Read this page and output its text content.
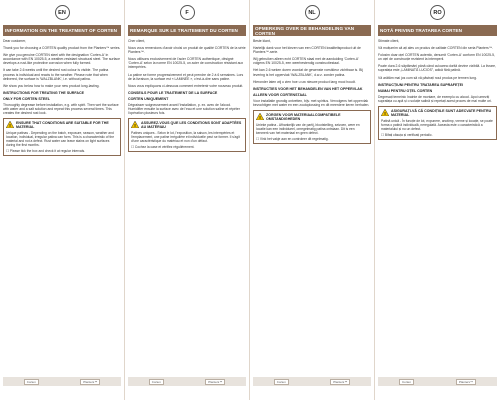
EN
INFORMATION ON THE TREATMENT OF CORTEN

Dear customer,

Thank you for choosing a CORTEN quality product from the Planters™ series.

We give you genuine CORTEN steel with the designation 'Corten-A' in accordance with EN 10025-5, a weather-resistant structural steel. The surface develops a rust-like protective corrosion when fully formed.

It can take 2-6 weeks until the desired rust colour is visible. The patina process is individual and reacts to the weather. Please note that when delivered, the surface is 'WALZBLANK', i.e. without patina.

We show you below how to make your new product long-lasting.

INSTRUCTIONS FOR TREATING THE SURFACE
ONLY FOR CORTEN STEEL

Thoroughly degrease before installation, e.g. with spirit. Then wet the surface with water and a salt solution and repeat this process several times. This creates the desired rust look.

!
ENSURE THAT CONDITIONS ARE SUITABLE FOR THE MATERIAL
Unique patinas - Depending on the batch, exposure, season, weather and location, individual, irregular patina can form. This is a characteristic of the material and not a defect. Rust water can leave stains on light surfaces during the first months.
☐ Please tick the box and check it at regular intervals.
Corten	Planters™
F
REMARQUE SUR LE TRAITEMENT DU CORTEN

Cher client,

Nous vous remercions d'avoir choisi un produit de qualité CORTEN de la série Planters™.

Nous utilisons exclusivement de l'acier CORTEN authentique, désigné 'Corten-A' selon la norme EN 10025-5, un acier de construction résistant aux intempéries.

La patine se forme progressivement et peut prendre de 2 à 6 semaines. Lors de la livraison, la surface est « LAMINÉE », c'est-à-dire sans patine.

Nous vous expliquons ci-dessous comment entretenir votre nouveau produit.

CONSEILS POUR LE TRAITEMENT DE LA SURFACE
CORTEN UNIQUEMENT

Dégraisser soigneusement avant l'installation, p. ex. avec de l'alcool. Humidifier ensuite la surface avec de l'eau et une solution saline et répéter l'opération plusieurs fois.

!
ASSUREZ-VOUS QUE LES CONDITIONS SONT ADAPTÉES AU MATÉRIAU
Patines uniques - Selon le lot, l'exposition, la saison, les intempéries et l'emplacement, une patine irrégulière et individuelle peut se former. Il s'agit d'une caractéristique du matériau et non d'un défaut.
☐ Cochez la case et vérifiez régulièrement.
Corten	Planters™
NL
OPMERKING OVER DE BEHANDELING VAN CORTEN

Beste klant,

Hartelijk dank voor het kiezen van een CORTEN kwaliteitsproduct uit de Planters™-serie.

Wij gebruiken alleen echt CORTEN staal met de aanduiding 'Corten-A' volgens EN 10025-5, een weerbestendig constructiestaal.

Het kan 2-6 weken duren voordat de gewenste roestkleur zichtbaar is. Bij levering is het oppervlak 'WALZBLANK', d.w.z. zonder patina.

Hieronder laten wij u zien hoe u uw nieuwe product lang mooi houdt.

INSTRUCTIES VOOR HET BEHANDELEN VAN HET OPPERVLAK
ALLEEN VOOR CORTENSTAAL

Voor installatie grondig ontvetten, bijv. met spiritus. Vervolgens het oppervlak bevochtigen met water en een zoutoplossing en dit meerdere keren herhalen.

!
ZORGEN VOOR MATERIAALCOMPATIBELE OMSTANDIGHEDEN
Unieke patina - Afhankelijk van de partij, blootstelling, seizoen, weer en locatie kan een individueel, onregelmatig patina ontstaan. Dit is een kenmerk van het materiaal en geen defect.
☐ Vink het vakje aan en controleer dit regelmatig.
Corten	Planters™
RO
NOTĂ PRIVIND TRATAREA CORTEN

Stimate client,

Vă mulțumim că ați ales un produs de calitate CORTEN din seria Planters™.

Folosim doar oțel CORTEN autentic, denumit 'Corten-A' conform EN 10025-5, un oțel de construcție rezistent la intemperii.

Poate dura 2-6 săptămâni până când culoarea dorită devine vizibilă. La livrare, suprafața este „LAMINATĂ LUCIOS”, adică fără patină.

Vă arătăm mai jos cum să vă păstrați noul produs pe termen lung.

INSTRUCȚIUNI PENTRU TRATAREA SUPRAFEȚEI
NUMAI PENTRU OȚEL CORTEN

Degresați temeinic înainte de montare, de exemplu cu alcool. Apoi umeziți suprafața cu apă și o soluție salină și repetați acest proces de mai multe ori.

!
ASIGURAȚI-VĂ CĂ CONDIȚIILE SUNT ADECVATE PENTRU MATERIAL
Patină unică - În funcție de lot, expunere, anotimp, vreme și locație, se poate forma o patină individuală, neregulată. Aceasta este o caracteristică a materialului și nu un defect.
☐ Bifați căsuța și verificați periodic.
Corten	Planters™
